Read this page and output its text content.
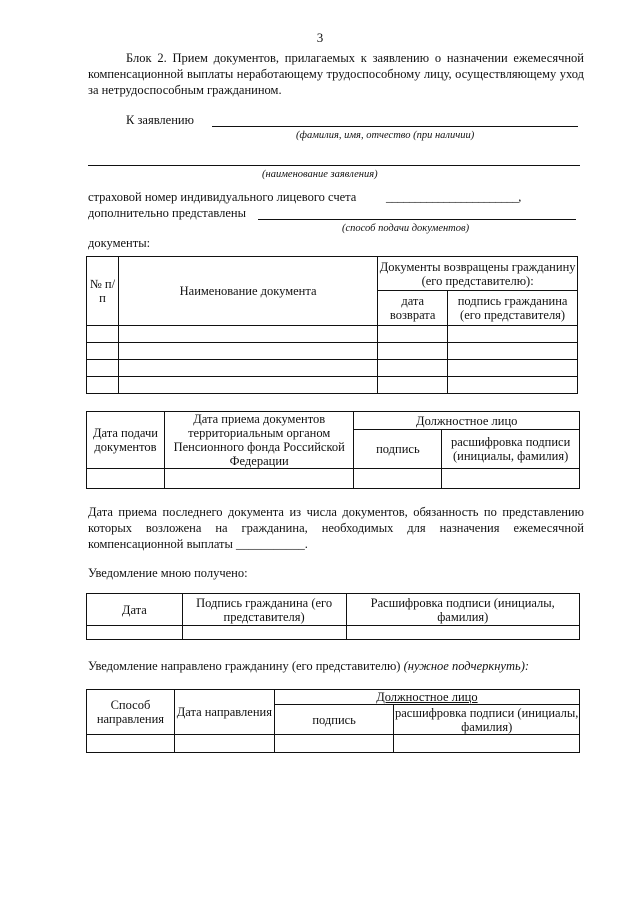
3
Блок 2. Прием документов, прилагаемых к заявлению о назначении ежемесячной компенсационной выплаты неработающему трудоспособному лицу, осуществляющему уход за нетрудоспособным гражданином.
К заявлению
(фамилия, имя, отчество (при наличии)
(наименование заявления)
страховой номер индивидуального лицевого счета _______________________,
дополнительно представлены
(способ подачи документов)
документы:
№ п/п	Наименование документа	Документы возвращены гражданину (его представителю):	
		дата возврата	подпись гражданина (его представителя)

Дата подачи документов	Дата приема документов территориальным органом Пенсионного фонда Российской Федерации	Должностное лицо	
		подпись	расшифровка подписи (инициалы, фамилия)

Дата приема последнего документа из числа документов, обязанность по представлению которых возложена на гражданина, необходимых для назначения ежемесячной компенсационной выплаты ___________.
Уведомление мною получено:
Дата	Подпись гражданина (его представителя)	Расшифровка подписи (инициалы, фамилия)

Уведомление направлено гражданину (его представителю) (нужное подчеркнуть):
Способ направления	Дата направления	Должностное лицо	
		подпись	расшифровка подписи (инициалы, фамилия)
